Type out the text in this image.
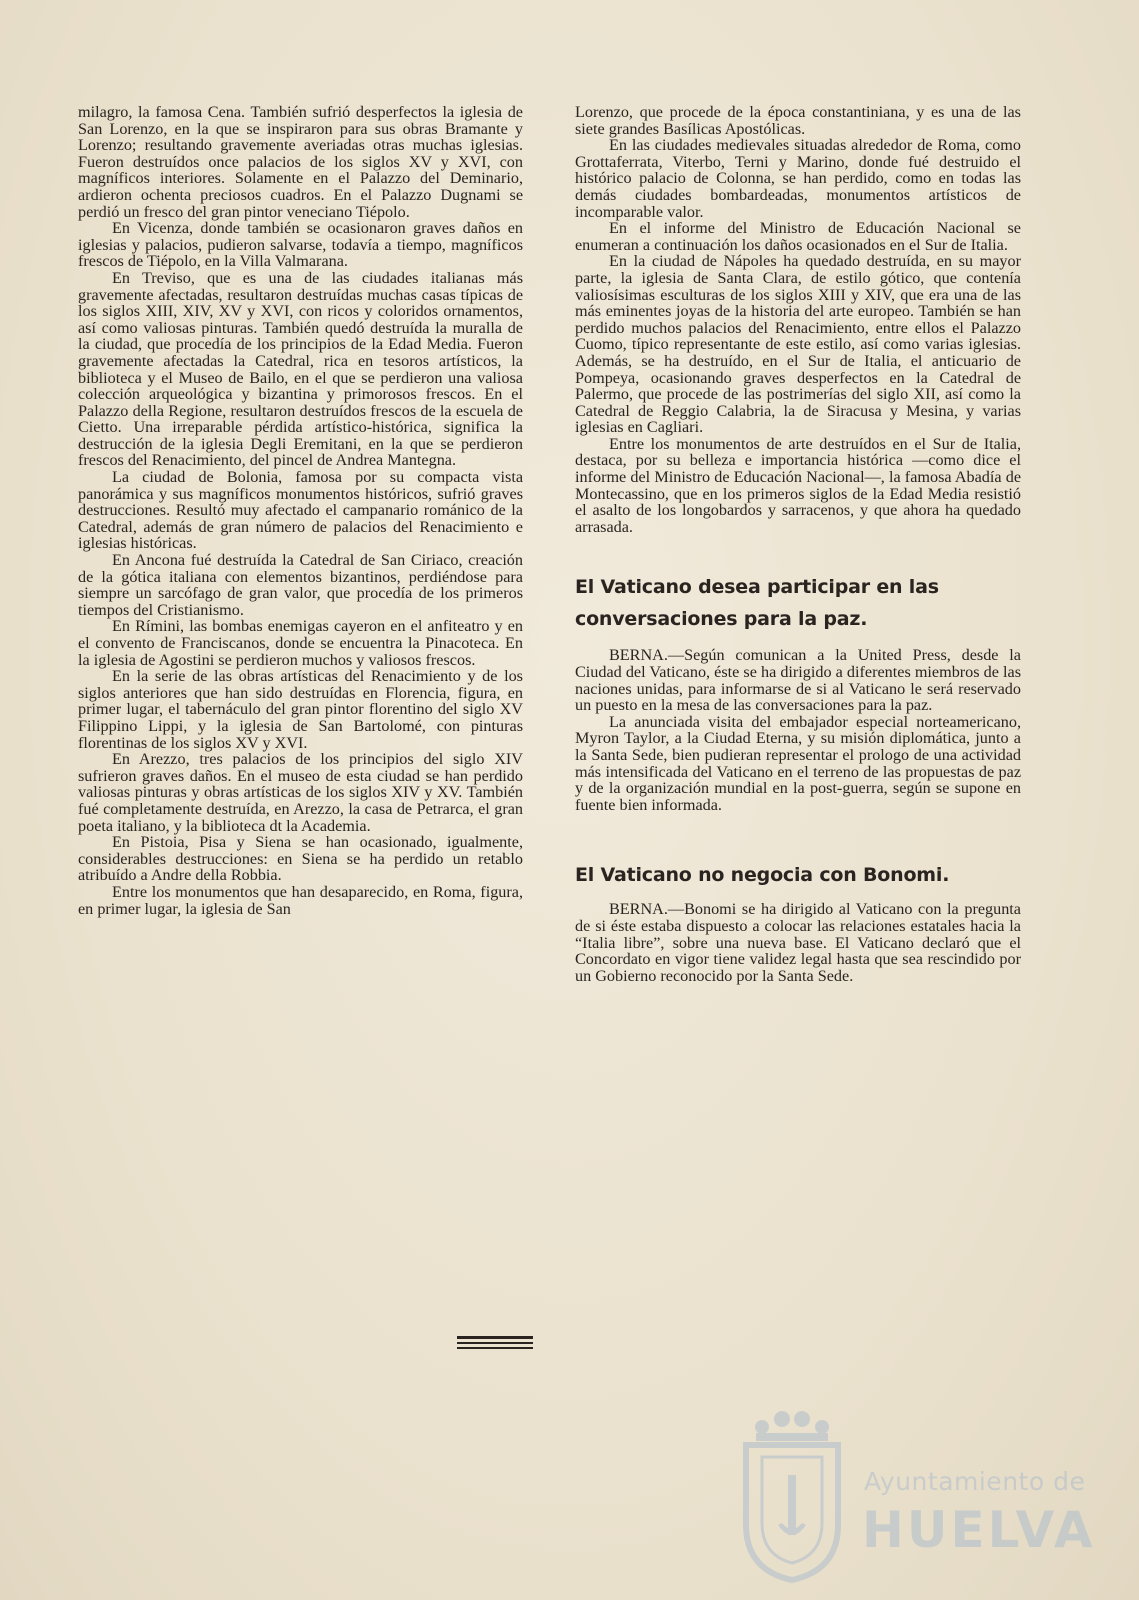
milagro, la famosa Cena. También sufrió desperfectos la iglesia de San Lorenzo, en la que se inspiraron para sus obras Bramante y Lorenzo; resultando gravemente averiadas otras muchas iglesias. Fueron destruídos once palacios de los siglos XV y XVI, con magníficos interiores. Solamente en el Palazzo del Deminario, ardieron ochenta preciosos cuadros. En el Palazzo Dugnami se perdió un fresco del gran pintor veneciano Tiépolo.

En Vicenza, donde también se ocasionaron graves daños en iglesias y palacios, pudieron salvarse, todavía a tiempo, magníficos frescos de Tiépolo, en la Villa Valmarana.

En Treviso, que es una de las ciudades italianas más gravemente afectadas, resultaron destruídas muchas casas típicas de los siglos XIII, XIV, XV y XVI, con ricos y coloridos ornamentos, así como valiosas pinturas. También quedó destruída la muralla de la ciudad, que procedía de los principios de la Edad Media. Fueron gravemente afectadas la Catedral, rica en tesoros artísticos, la biblioteca y el Museo de Bailo, en el que se perdieron una valiosa colección arqueológica y bizantina y primorosos frescos. En el Palazzo della Regione, resultaron destruídos frescos de la escuela de Cietto. Una irreparable pérdida artístico-histórica, significa la destrucción de la iglesia Degli Eremitani, en la que se perdieron frescos del Renacimiento, del pincel de Andrea Mantegna.

La ciudad de Bolonia, famosa por su compacta vista panorámica y sus magníficos monumentos históricos, sufrió graves destrucciones. Resultó muy afectado el campanario románico de la Catedral, además de gran número de palacios del Renacimiento e iglesias históricas.

En Ancona fué destruída la Catedral de San Ciriaco, creación de la gótica italiana con elementos bizantinos, perdiéndose para siempre un sarcófago de gran valor, que procedía de los primeros tiempos del Cristianismo.

En Rímini, las bombas enemigas cayeron en el anfiteatro y en el convento de Franciscanos, donde se encuentra la Pinacoteca. En la iglesia de Agostini se perdieron muchos y valiosos frescos.

En la serie de las obras artísticas del Renacimiento y de los siglos anteriores que han sido destruídas en Florencia, figura, en primer lugar, el tabernáculo del gran pintor florentino del siglo XV Filippino Lippi, y la iglesia de San Bartolomé, con pinturas florentinas de los siglos XV y XVI.

En Arezzo, tres palacios de los principios del siglo XIV sufrieron graves daños. En el museo de esta ciudad se han perdido valiosas pinturas y obras artísticas de los siglos XIV y XV. También fué completamente destruída, en Arezzo, la casa de Petrarca, el gran poeta italiano, y la biblioteca dt la Academia.

En Pistoia, Pisa y Siena se han ocasionado, igualmente, considerables destrucciones: en Siena se ha perdido un retablo atribuído a Andre della Robbia.

Entre los monumentos que han desaparecido, en Roma, figura, en primer lugar, la iglesia de San

Lorenzo, que procede de la época constantiniana, y es una de las siete grandes Basílicas Apostólicas.

En las ciudades medievales situadas alrededor de Roma, como Grottaferrata, Viterbo, Terni y Marino, donde fué destruido el histórico palacio de Colonna, se han perdido, como en todas las demás ciudades bombardeadas, monumentos artísticos de incomparable valor.

En el informe del Ministro de Educación Nacional se enumeran a continuación los daños ocasionados en el Sur de Italia.

En la ciudad de Nápoles ha quedado destruída, en su mayor parte, la iglesia de Santa Clara, de estilo gótico, que contenía valiosísimas esculturas de los siglos XIII y XIV, que era una de las más eminentes joyas de la historia del arte europeo. También se han perdido muchos palacios del Renacimiento, entre ellos el Palazzo Cuomo, típico representante de este estilo, así como varias iglesias. Además, se ha destruído, en el Sur de Italia, el anticuario de Pompeya, ocasionando graves desperfectos en la Catedral de Palermo, que procede de las postrimerías del siglo XII, así como la Catedral de Reggio Calabria, la de Siracusa y Mesina, y varias iglesias en Cagliari.

Entre los monumentos de arte destruídos en el Sur de Italia, destaca, por su belleza e importancia histórica —como dice el informe del Ministro de Educación Nacional—, la famosa Abadía de Montecassino, que en los primeros siglos de la Edad Media resistió el asalto de los longobardos y sarracenos, y que ahora ha quedado arrasada.

El Vaticano desea participar en las conversaciones para la paz.

BERNA.—Según comunican a la United Press, desde la Ciudad del Vaticano, éste se ha dirigido a diferentes miembros de las naciones unidas, para informarse de si al Vaticano le será reservado un puesto en la mesa de las conversaciones para la paz.

La anunciada visita del embajador especial norteamericano, Myron Taylor, a la Ciudad Eterna, y su misión diplomática, junto a la Santa Sede, bien pudieran representar el prologo de una actividad más intensificada del Vaticano en el terreno de las propuestas de paz y de la organización mundial en la post-guerra, según se supone en fuente bien informada.

El Vaticano no negocia con Bonomi.

BERNA.—Bonomi se ha dirigido al Vaticano con la pregunta de si éste estaba dispuesto a colocar las relaciones estatales hacia la “Italia libre”, sobre una nueva base. El Vaticano declaró que el Concordato en vigor tiene validez legal hasta que sea rescindido por un Gobierno reconocido por la Santa Sede.

Ayuntamiento de
HUELVA
